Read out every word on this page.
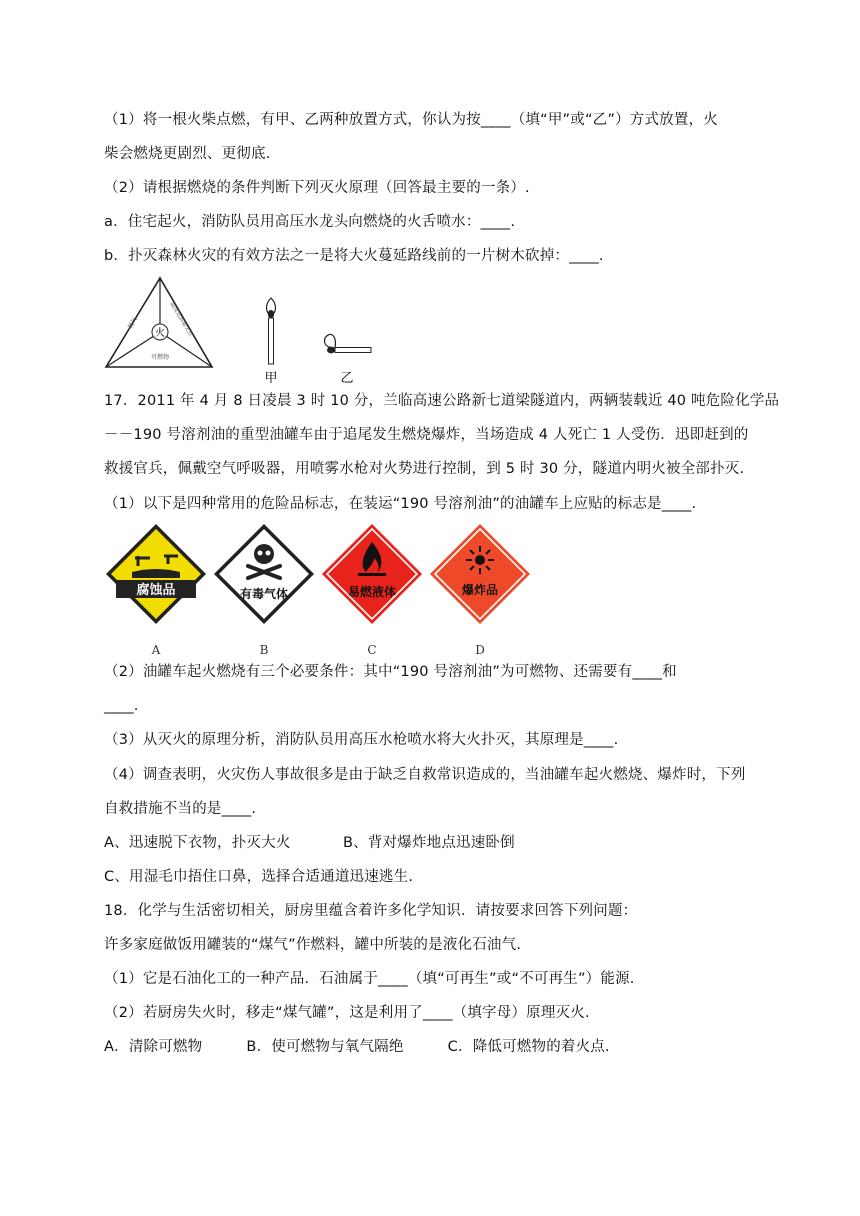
（1）将一根火柴点燃，有甲、乙两种放置方式，你认为按____（填“甲”或“乙”）方式放置，火
柴会燃烧更剧烈、更彻底.
（2）请根据燃烧的条件判断下列灭火原理（回答最主要的一条）.
a．住宅起火，消防队员用高压水龙头向燃烧的火舌喷水：____.
b．扑灭森林火灾的有效方法之一是将大火蔓延路线前的一片树木砍掉：____.
火
氧气	温度达到着火点
可燃物
甲	乙
17．2011 年 4 月 8 日凌晨 3 时 10 分，兰临高速公路新七道梁隧道内，两辆装载近 40 吨危险化学品
－－190 号溶剂油的重型油罐车由于追尾发生燃烧爆炸，当场造成 4 人死亡 1 人受伤．迅即赶到的
救援官兵，佩戴空气呼吸器，用喷雾水枪对火势进行控制，到 5 时 30 分，隧道内明火被全部扑灭.
（1）以下是四种常用的危险品标志，在装运“190 号溶剂油”的油罐车上应贴的标志是____.
腐蚀品
A
有毒气体
B
易燃液体
C
爆炸品
D
（2）油罐车起火燃烧有三个必要条件：其中“190 号溶剂油”为可燃物、还需要有____和
____.
（3）从灭火的原理分析，消防队员用高压水枪喷水将大火扑灭，其原理是____.
（4）调查表明，火灾伤人事故很多是由于缺乏自救常识造成的，当油罐车起火燃烧、爆炸时，下列
自救措施不当的是____.
A、迅速脱下衣物，扑灭大火	B、背对爆炸地点迅速卧倒
C、用湿毛巾捂住口鼻，选择合适通道迅速逃生.
18．化学与生活密切相关，厨房里蕴含着许多化学知识．请按要求回答下列问题：
许多家庭做饭用罐装的“煤气”作燃料，罐中所装的是液化石油气.
（1）它是石油化工的一种产品．石油属于____（填“可再生”或“不可再生”）能源.
（2）若厨房失火时，移走“煤气罐”，这是利用了____（填字母）原理灭火.
A．清除可燃物　　　B．使可燃物与氧气隔绝　　　C．降低可燃物的着火点.
